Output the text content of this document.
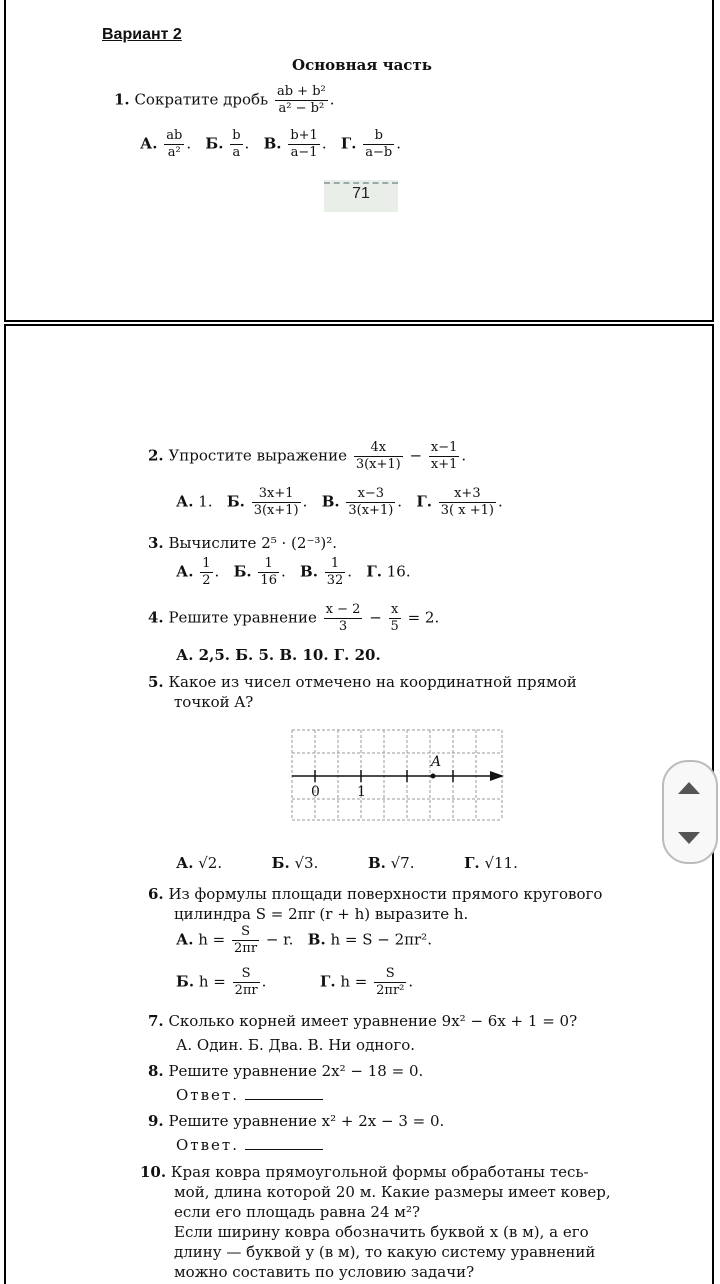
Вариант 2
Основная часть
1. Сократите дробь $\frac{\text{ab + b²}}{\text{a² − b²}}$ .
А. $\frac{ab}{\text{a²}}$ .   Б. $\frac{b}{a}$ .   В. $\frac{b+1}{a-1}$ .   Г. $\frac{b}{a-b}$ .
71
2. Упростите выражение $\frac{4x}{3(x+1)} - \frac{x-1}{x+1}$ .
А. 1. Б. $\frac{3x+1}{3(x+1)}$ .   В. $\frac{x-3}{3(x+1)}$ .   Г. $\frac{x+3}{3( x +1)}$ .
3. Вычислите 2⁵ · (2⁻³)².
А. $\frac{1}{2}$ .   Б. $\frac{1}{16}$ .   В. $\frac{1}{32}$ .   Г. 16.
4. Решите уравнение $\frac{x - 2}{3} - \frac{x}{5} = 2$.
А. 2,5. Б. 5. В. 10. Г. 20.
5. Какое из чисел отмечено на координатной прямой
точкой A?
A
0	1
А. √2.	Б. √3.	В. √7.	Г. √11.
6. Из формулы площади поверхности прямого кругового
цилиндра S = 2πr (r + h) выразите h.
А. $h = \frac{S}{2\pi r} - r$. В. h = S − 2πr².
Б. $h = \frac{S}{2\pi r}$ .	Г. $h = \frac{S}{\text{2πr²}}$ .
7. Сколько корней имеет уравнение 9x² − 6x + 1 = 0?
А. Один. Б. Два. В. Ни одного.
8. Решите уравнение 2x² − 18 = 0.
Ответ.
9. Решите уравнение x² + 2x − 3 = 0.
Ответ.
10. Края ковра прямоугольной формы обработаны тесь-
мой, длина которой 20 м. Какие размеры имеет ковер,
если его площадь равна 24 м²?
Если ширину ковра обозначить буквой x (в м), а его
длину — буквой y (в м), то какую систему уравнений
можно составить по условию задачи?
